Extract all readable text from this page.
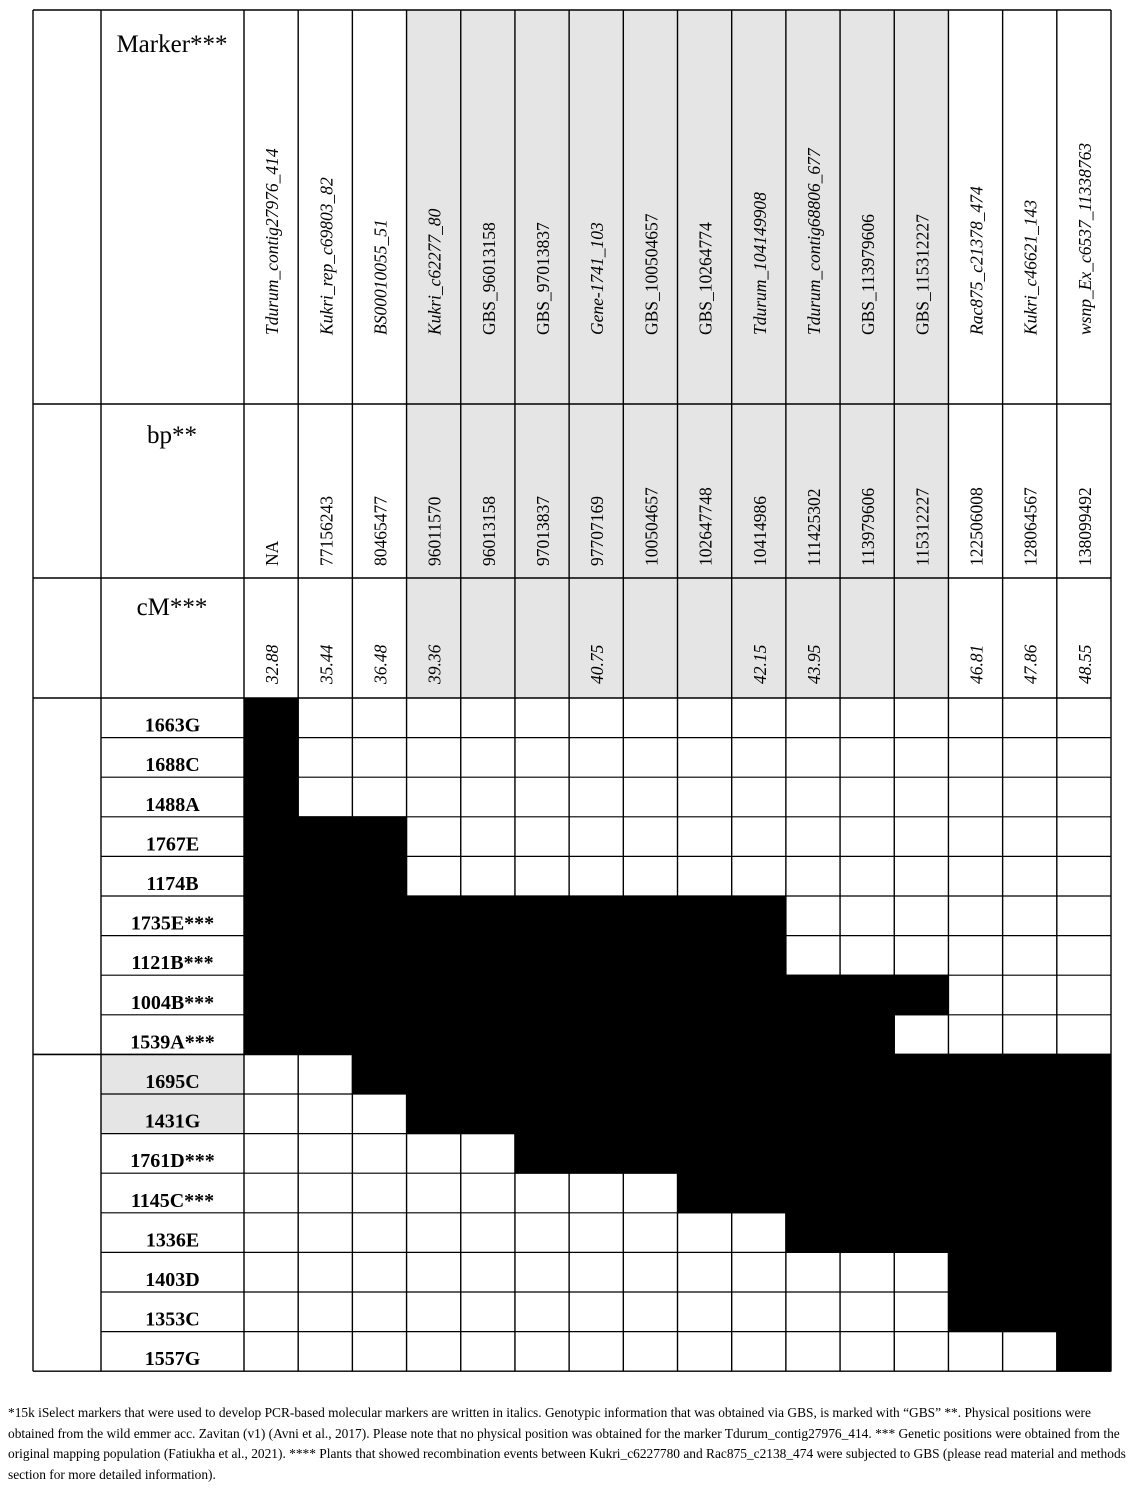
Marker***
bp**
cM***
Tdurum_contig27976_414
NA
32.88
Kukri_rep_c69803_82
77156243
35.44
BS00010055_51
80465477
36.48
Kukri_c62277_80
96011570
39.36
GBS_96013158
96013158
GBS_97013837
97013837
Gene-1741_103
97707169
40.75
GBS_100504657
100504657
GBS_10264774
102647748
Tdurum_104149908
10414986
42.15
Tdurum_contig68806_677
111425302
43.95
GBS_113979606
113979606
GBS_115312227
115312227
Rac875_c21378_474
122506008
46.81
Kukri_c46621_143
128064567
47.86
wsnp_Ex_c6537_11338763
138099492
48.55
1663G
1688C
1488A
1767E
1174B
1735E***
1121B***
1004B***
1539A***
1695C
1431G
1761D***
1145C***
1336E
1403D
1353C
1557G

*15k iSelect markers that were used to develop PCR-based molecular markers are written in italics. Genotypic information that was obtained via GBS, is marked with “GBS” **. Physical positions were obtained from the wild emmer acc. Zavitan (v1) (Avni et al., 2017). Please note that no physical position was obtained for the marker Tdurum_contig27976_414. *** Genetic positions were obtained from the original mapping population (Fatiukha et al., 2021). **** Plants that showed recombination events between Kukri_c6227780 and Rac875_c2138_474 were subjected to GBS (please read material and methods section for more detailed information).
